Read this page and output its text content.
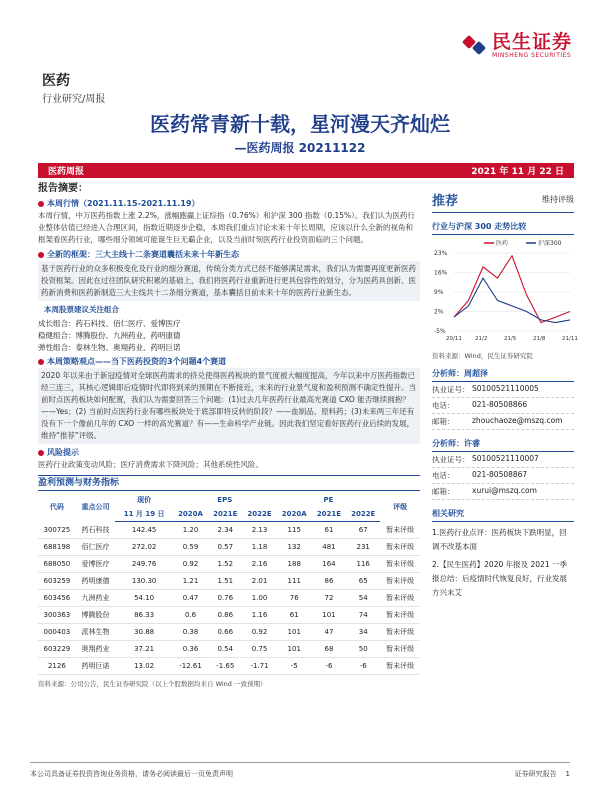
民生证券
MINSHENG SECURITIES
医药
行业研究/周报
医药常青新十载，星河漫天齐灿烂
—医药周报 20211122
医药周报	2021 年 11 月 22 日
报告摘要：
本周行情（2021.11.15-2021.11.19）

本周行情，中万医药指数上涨 2.2%，涨幅跑赢上证综指（0.76%）和沪深 300 指数（0.15%）。我们认为医药行业整体估值已经进入合理区间，指数近期逐步企稳，本周我们重点讨论未来十年长周期，应该以什么全新的视角和框架看医药行业，哪些细分领域可能诞生巨无霸企业，以及当前时刻医药行业投资面临的三个问题。

全新的框架：三大主线十二条赛道囊括未来十年新生态

基于医药行业的众多积极变化及行业的细分赛道，传统分类方式已经不能够满足需求，我们认为需要再度更新医药投资框架。因此在过往团队研究积累的基础上，我们将医药行业重新进行更具包容性的划分，分为医药具创新、医药新消费和医药新制造三大主线共十二条细分赛道，基本囊括目前未来十年的医药行业新生态。

本周股票建议关注组合
成长组合：药石科技、佰仁医疗、爱博医疗
稳健组合：博腾股份、九洲药业、药明康德
弹性组合：泰林生物、奥翔药业、药明巨诺
本周策略观点——当下医药投资的3个问题4个赛道

2020 年以来由于新冠疫情对全球医药需求的挤兑使得医药板块的景气度被大幅度提高，今年以来中万医药指数已经三连三，其核心逻辑即后疫情时代即将到来的预期在不断接近，未来的行业景气度和盈利预测不确定性提升。当前时点医药板块如何配置，我们认为需要回答三个问题：(1)过去几年医药行业最高光赛道 CXO 能否继续拥抱？——Yes；(2) 当前时点医药行业有哪些板块处于底部即将反转的阶段？——血制品、原料药；(3)未来两三年还有没有下一个像前几年的 CXO 一样的高光赛道？有——生命科学产业链。因此我们坚定看好医药行业后续的发展，维持“推荐”评级。

风险提示

医药行业政策变动风险；医疗消费需求下降风险；其他系统性风险。

盈利预测与财务指标
代码	重点公司	现价	EPS			PE			评级
		11 月 19 日	2020A	2021E	2022E	2020A	2021E	2022E	
300725	药石科技	142.45	1.20	2.34	2.13	115	61	67	暂未评级
688198	佰仁医疗	272.02	0.59	0.57	1.18	132	481	231	暂未评级
688050	爱博医疗	249.76	0.92	1.52	2.16	188	164	116	暂未评级
603259	药明康德	130.30	1.21	1.51	2.01	111	86	65	暂未评级
603456	九洲药业	54.10	0.47	0.76	1.00	76	72	54	暂未评级
300363	博腾股份	86.33	0.6	0.86	1.16	61	101	74	暂未评级
000403	派林生物	30.88	0.38	0.66	0.92	101	47	34	暂未评级
603229	奥翔药业	37.21	0.36	0.54	0.75	101	68	50	暂未评级
2126	药明巨诺	13.02	-12.61	-1.65	-1.71	-5	-6	-6	暂未评级
资料来源：公司公告，民生证券研究院（以上个股数据均来自 Wind 一致预期）
推荐	维持评级
行业与沪深 300 走势比较
医药	沪深300
23%
16%
9%
2%
-5%
20/11 21/2	21/5	21/8	21/11
资料来源：Wind，民生证券研究院
分析师：周超泽
执业证号： S0100521110005
电话：	021-80508866
邮箱：	zhouchaoze@mszq.com
分析师：许睿
执业证号： S0100521110007
电话：	021-80508867
邮箱：	xurui@mszq.com
相关研究

1.医药行业点评：医药板块下跌明显，回调不改基本面

2.【民生医药】2020 年报及 2021 一季报总结：后疫情时代恢复良好，行业发展方兴未艾

本公司具备证券投资咨询业务资格，请务必阅读最后一页免责声明	证券研究报告 1
